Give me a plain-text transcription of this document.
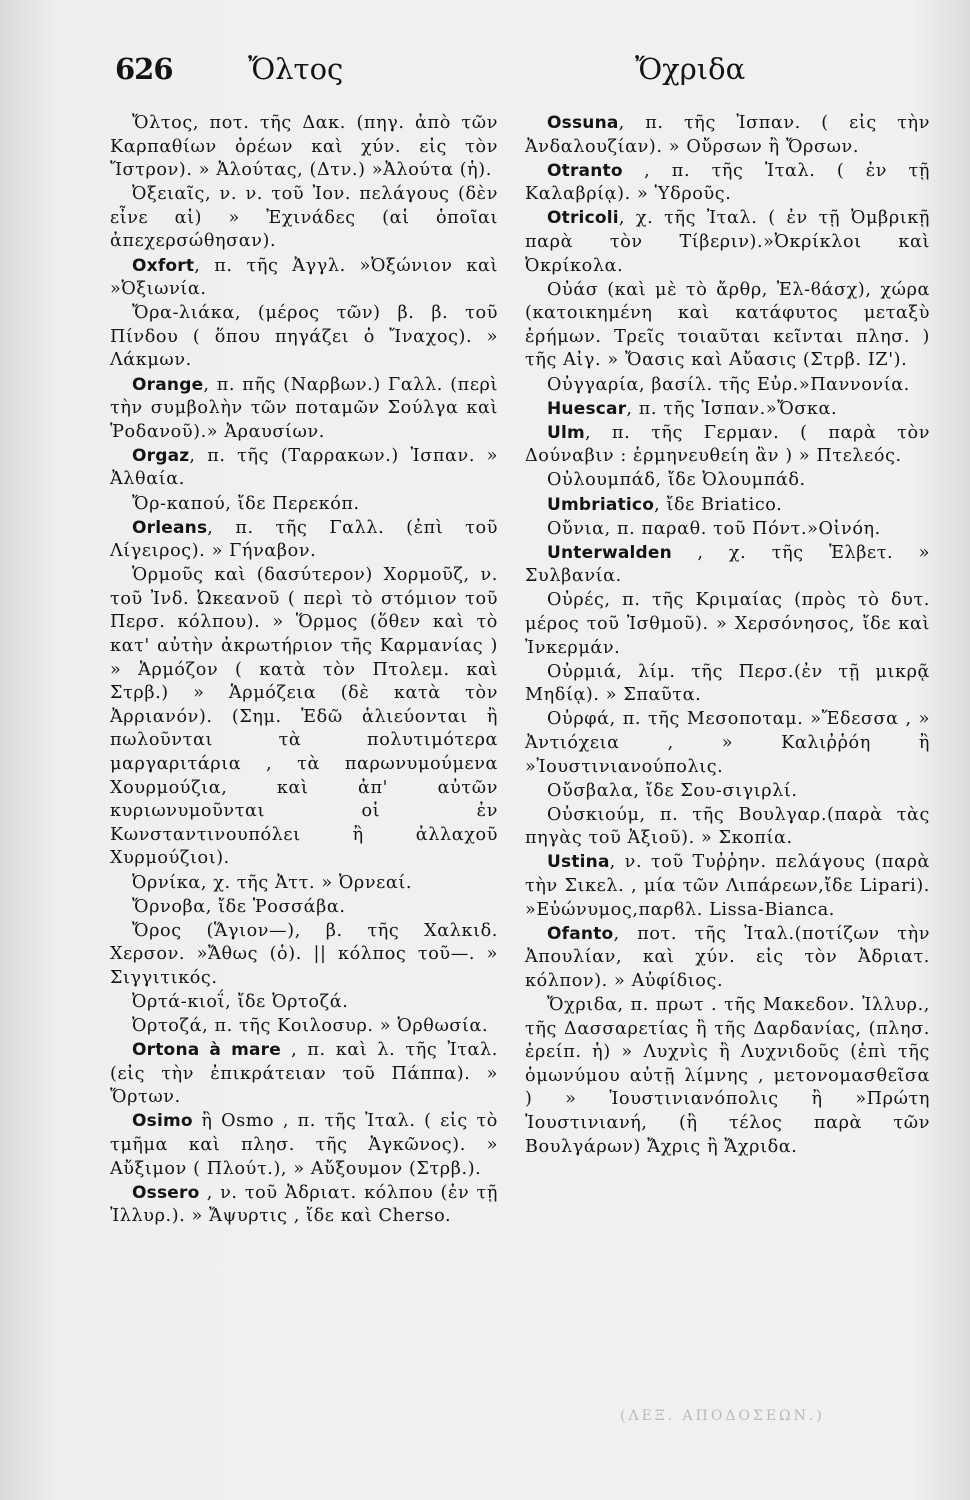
626	Ὄλτος	Ὄχριδα
Ὄλτος, ποτ. τῆς Δακ. (πηγ. ἀπὸ τῶν Καρπαθίων ὀρέων καὶ χύν. εἰς τὸν Ἴστρον). » Ἀλούτας, (Δτν.) »Ἀλούτα (ἡ).
Ὀξειαῖς, ν. ν. τοῦ Ἰον. πελάγους (δὲν εἶνε αἱ) » Ἐχινάδες (αἱ ὁποῖαι ἀπεχερσώθησαν).
Oxfort, π. τῆς Ἀγγλ. »Ὀξώνιον καὶ »Ὀξιωνία.
Ὄρα-λιάκα, (μέρος τῶν) β. β. τοῦ Πίνδου ( ὅπου πηγάζει ὁ Ἴναχος). » Λάκμων.
Orange, π. πῆς (Ναρβων.) Γαλλ. (περὶ τὴν συμβολὴν τῶν ποταμῶν Σούλγα καὶ Ῥοδανοῦ).» Ἀραυσίων.
Orgaz, π. τῆς (Ταρρακων.) Ἰσπαν. » Ἀλθαία.
Ὄρ-καπού, ἴδε Περεκόπ.
Orleans, π. τῆς Γαλλ. (ἐπὶ τοῦ Λίγειρος). » Γήναβον.
Ὁρμοῦς καὶ (δασύτερον) Χορμοῦζ, ν. τοῦ Ἰνδ. Ὠκεανοῦ ( περὶ τὸ στόμιον τοῦ Περσ. κόλπου). » Ὅρμος (ὅθεν καὶ τὸ κατ' αὐτὴν ἀκρωτήριον τῆς Καρμανίας ) » Ἁρμόζον ( κατὰ τὸν Πτολεμ. καὶ Στρβ.) » Ἁρμόζεια (δὲ κατὰ τὸν Ἀρριανόν). (Σημ. Ἐδῶ ἁλιεύονται ἢ πωλοῦνται τὰ πολυτιμότερα μαργαριτάρια , τὰ παρωνυμούμενα Χουρμούζια, καὶ ἀπ' αὐτῶν κυριωνυμοῦνται οἱ ἐν Κωνσταντινουπόλει ἢ ἀλλαχοῦ Χυρμούζιοι).
Ὀρνίκα, χ. τῆς Ἀττ. » Ὀρνεαί.
Ὄρνοβα, ἴδε Ῥοσσάβα.
Ὄρος (Ἅγιον—), β. τῆς Χαλκιδ. Χερσον. »Ἄθως (ὁ). || κόλπος τοῦ—. » Σιγγιτικός.
Ὀρτά-κιοΐ, ἴδε Ὀρτοζά.
Ὀρτοζά, π. τῆς Κοιλοσυρ. » Ὀρθωσία.
Ortona à mare , π. καὶ λ. τῆς Ἰταλ. (εἰς τὴν ἐπικράτειαν τοῦ Πάππα). » Ὄρτων.
Osimo ἢ Osmo , π. τῆς Ἰταλ. ( εἰς τὸ τμῆμα καὶ πλησ. τῆς Ἀγκῶνος). » Αὔξιμον ( Πλούτ.), » Αὔξουμον (Στρβ.).
Ossero , ν. τοῦ Ἀδριατ. κόλπου (ἐν τῇ Ἰλλυρ.). » Ἄψυρτις , ἴδε καὶ Cherso.
Ossuna, π. τῆς Ἰσπαν. ( εἰς τὴν Ἀνδαλουζίαν). » Οὔρσων ἢ Ὄρσων.
Otranto , π. τῆς Ἰταλ. ( ἐν τῇ Καλαβρίᾳ). » Ὑδροῦς.
Otricoli, χ. τῆς Ἰταλ. ( ἐν τῇ Ὀμβρικῇ παρὰ τὸν Τίβεριν).»Ὀκρίκλοι καὶ Ὀκρίκολα.
Οὐάσ (καὶ μὲ τὸ ἄρθρ, Ἐλ-ϐάσχ), χώρα (κατοικημένη καὶ κατάφυτος μεταξὺ ἐρήμων. Τρεῖς τοιαῦται κεῖνται πλησ. ) τῆς Αἰγ. » Ὄασις καὶ Αὔασις (Στρβ. ΙΖ').
Οὐγγαρία, βασίλ. τῆς Εὐρ.»Παννονία.
Huescar, π. τῆς Ἰσπαν.»Ὄσκα.
Ulm, π. τῆς Γερμαν. ( παρὰ τὸν Δούναβιν : ἑρμηνευθείη ἂν ) » Πτελεός.
Οὐλουμπάδ, ἴδε Ὀλουμπάδ.
Umbriatico, ἴδε Briatico.
Οὔνια, π. παραθ. τοῦ Πόντ.»Οἰνόη.
Unterwalden , χ. τῆς Ἑλβετ. » Συλβανία.
Οὐρές, π. τῆς Κριμαίας (πρὸς τὸ δυτ. μέρος τοῦ Ἰσθμοῦ). » Χερσόνησος, ἴδε καὶ Ἰνκερμάν.
Οὐρμιά, λίμ. τῆς Περσ.(ἐν τῇ μικρᾷ Μηδίᾳ). » Σπαῦτα.
Οὐρφά, π. τῆς Μεσοποταμ. »Ἔδεσσα , » Ἀντιόχεια , » Καλιῤῥόη ἢ »Ἰουστινιανούπολις.
Οὔσβαλα, ἴδε Σου-σιγιρλί.
Οὐσκιούμ, π. τῆς Βουλγαρ.(παρὰ τὰς πηγὰς τοῦ Ἀξιοῦ). » Σκοπία.
Ustina, ν. τοῦ Τυῤῥην. πελάγους (παρὰ τὴν Σικελ. , μία τῶν Λιπάρεων,ἴδε Lipari). »Εὐώνυμος,παρϐλ. Lissa-Bianca.
Ofanto, ποτ. τῆς Ἰταλ.(ποτίζων τὴν Ἀπουλίαν, καὶ χύν. εἰς τὸν Ἀδριατ. κόλπον). » Αὐφίδιος.
Ὄχριδα, π. πρωτ . τῆς Μακεδον. Ἰλλυρ., τῆς Δασσαρετίας ἢ τῆς Δαρδανίας, (πλησ. ἐρείπ. ἡ) » Λυχνὶς ἢ Λυχνιδοῦς (ἐπὶ τῆς ὁμωνύμου αὐτῇ λίμνης , μετονομασθεῖσα ) » Ἰουστινιανόπολις ἢ »Πρώτη Ἰουστινιανή, (ἢ τέλος παρὰ τῶν Βουλγάρων) Ἄχρις ἢ Ἄχριδα.
(ΛΕΞ. ΑΠΟΔΟΣΕΩΝ.)
